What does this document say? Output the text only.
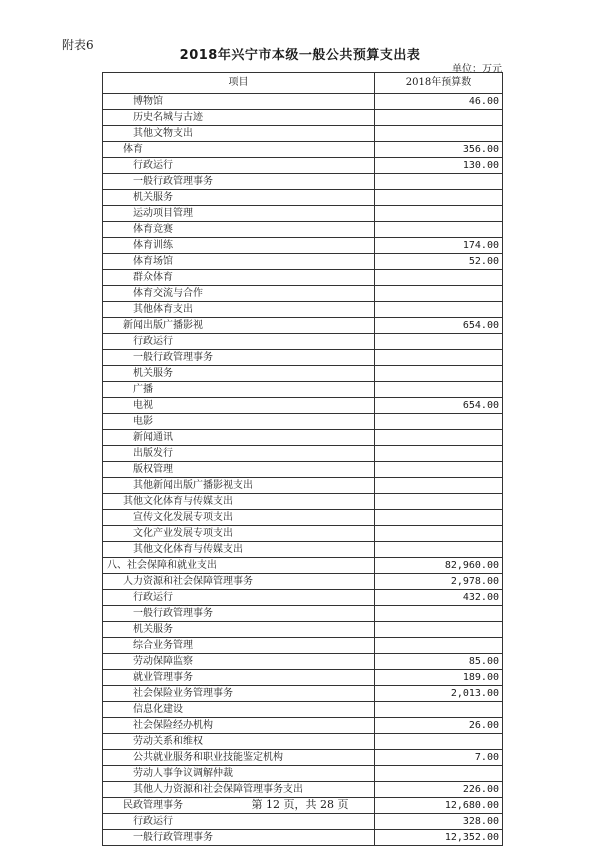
附表6
2018年兴宁市本级一般公共预算支出表
单位：万元
项目	2018年预算数
博物馆	46.00
历史名城与古迹	
其他文物支出	
体育	356.00
行政运行	130.00
一般行政管理事务	
机关服务	
运动项目管理	
体育竞赛	
体育训练	174.00
体育场馆	52.00
群众体育	
体育交流与合作	
其他体育支出	
新闻出版广播影视	654.00
行政运行	
一般行政管理事务	
机关服务	
广播	
电视	654.00
电影	
新闻通讯	
出版发行	
版权管理	
其他新闻出版广播影视支出	
其他文化体育与传媒支出	
宣传文化发展专项支出	
文化产业发展专项支出	
其他文化体育与传媒支出	
八、社会保障和就业支出	82,960.00
人力资源和社会保障管理事务	2,978.00
行政运行	432.00
一般行政管理事务	
机关服务	
综合业务管理	
劳动保障监察	85.00
就业管理事务	189.00
社会保险业务管理事务	2,013.00
信息化建设	
社会保险经办机构	26.00
劳动关系和维权	
公共就业服务和职业技能鉴定机构	7.00
劳动人事争议调解仲裁	
其他人力资源和社会保障管理事务支出	226.00
民政管理事务	12,680.00
行政运行	328.00
一般行政管理事务	12,352.00
第 12 页，共 28 页
